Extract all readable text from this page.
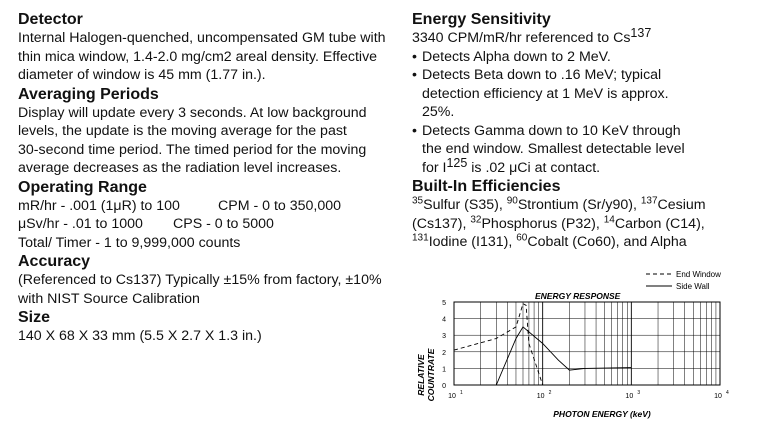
Detector

Internal Halogen-quenched, uncompensated GM tube with

thin mica window, 1.4-2.0 mg/cm2 areal density. Effective

diameter of window is 45 mm (1.77 in.).

Averaging Periods

Display will update every 3 seconds. At low background

levels, the update is the moving average for the past

30-second time period. The timed period for the moving

average decreases as the radiation level increases.

Operating Range
mR/hr - .001 (1μR) to 100	CPM - 0 to 350,000
μSv/hr - .01 to 1000	CPS - 0 to 5000

Total/ Timer - 1 to 9,999,000 counts

Accuracy

(Referenced to Cs137) Typically ±15% from factory, ±10%

with NIST Source Calibration

Size

140 X 68 X 33 mm (5.5 X 2.7 X 1.3 in.)

Energy Sensitivity

3340 CPM/mR/hr referenced to Cs$^{137}$

• Detects Alpha down to 2 MeV.
• Detects Beta down to .16 MeV; typical
detection efficiency at 1 MeV is approx.
25%.
• Detects Gamma down to 10 KeV through
the end window. Smallest detectable level
for $I^{125}$ is .02 μCi at contact.
Built-In Efficiencies

$^{35}$Sulfur (S35), $^{90}$Strontium (Sr/y90), $^{137}$Cesium

(Cs137), $^{32}$Phosphorus (P32), $^{14}$Carbon (C14),

$^{131}$Iodine (I131), $^{60}$Cobalt (Co60), and Alpha

End Window
Side Wall
ENERGY RESPONSE
RELATIVE COUNTRATE
PHOTON ENERGY (keV)
0
1
2
3
4
5
10 1	10 2	10 3	10 4
